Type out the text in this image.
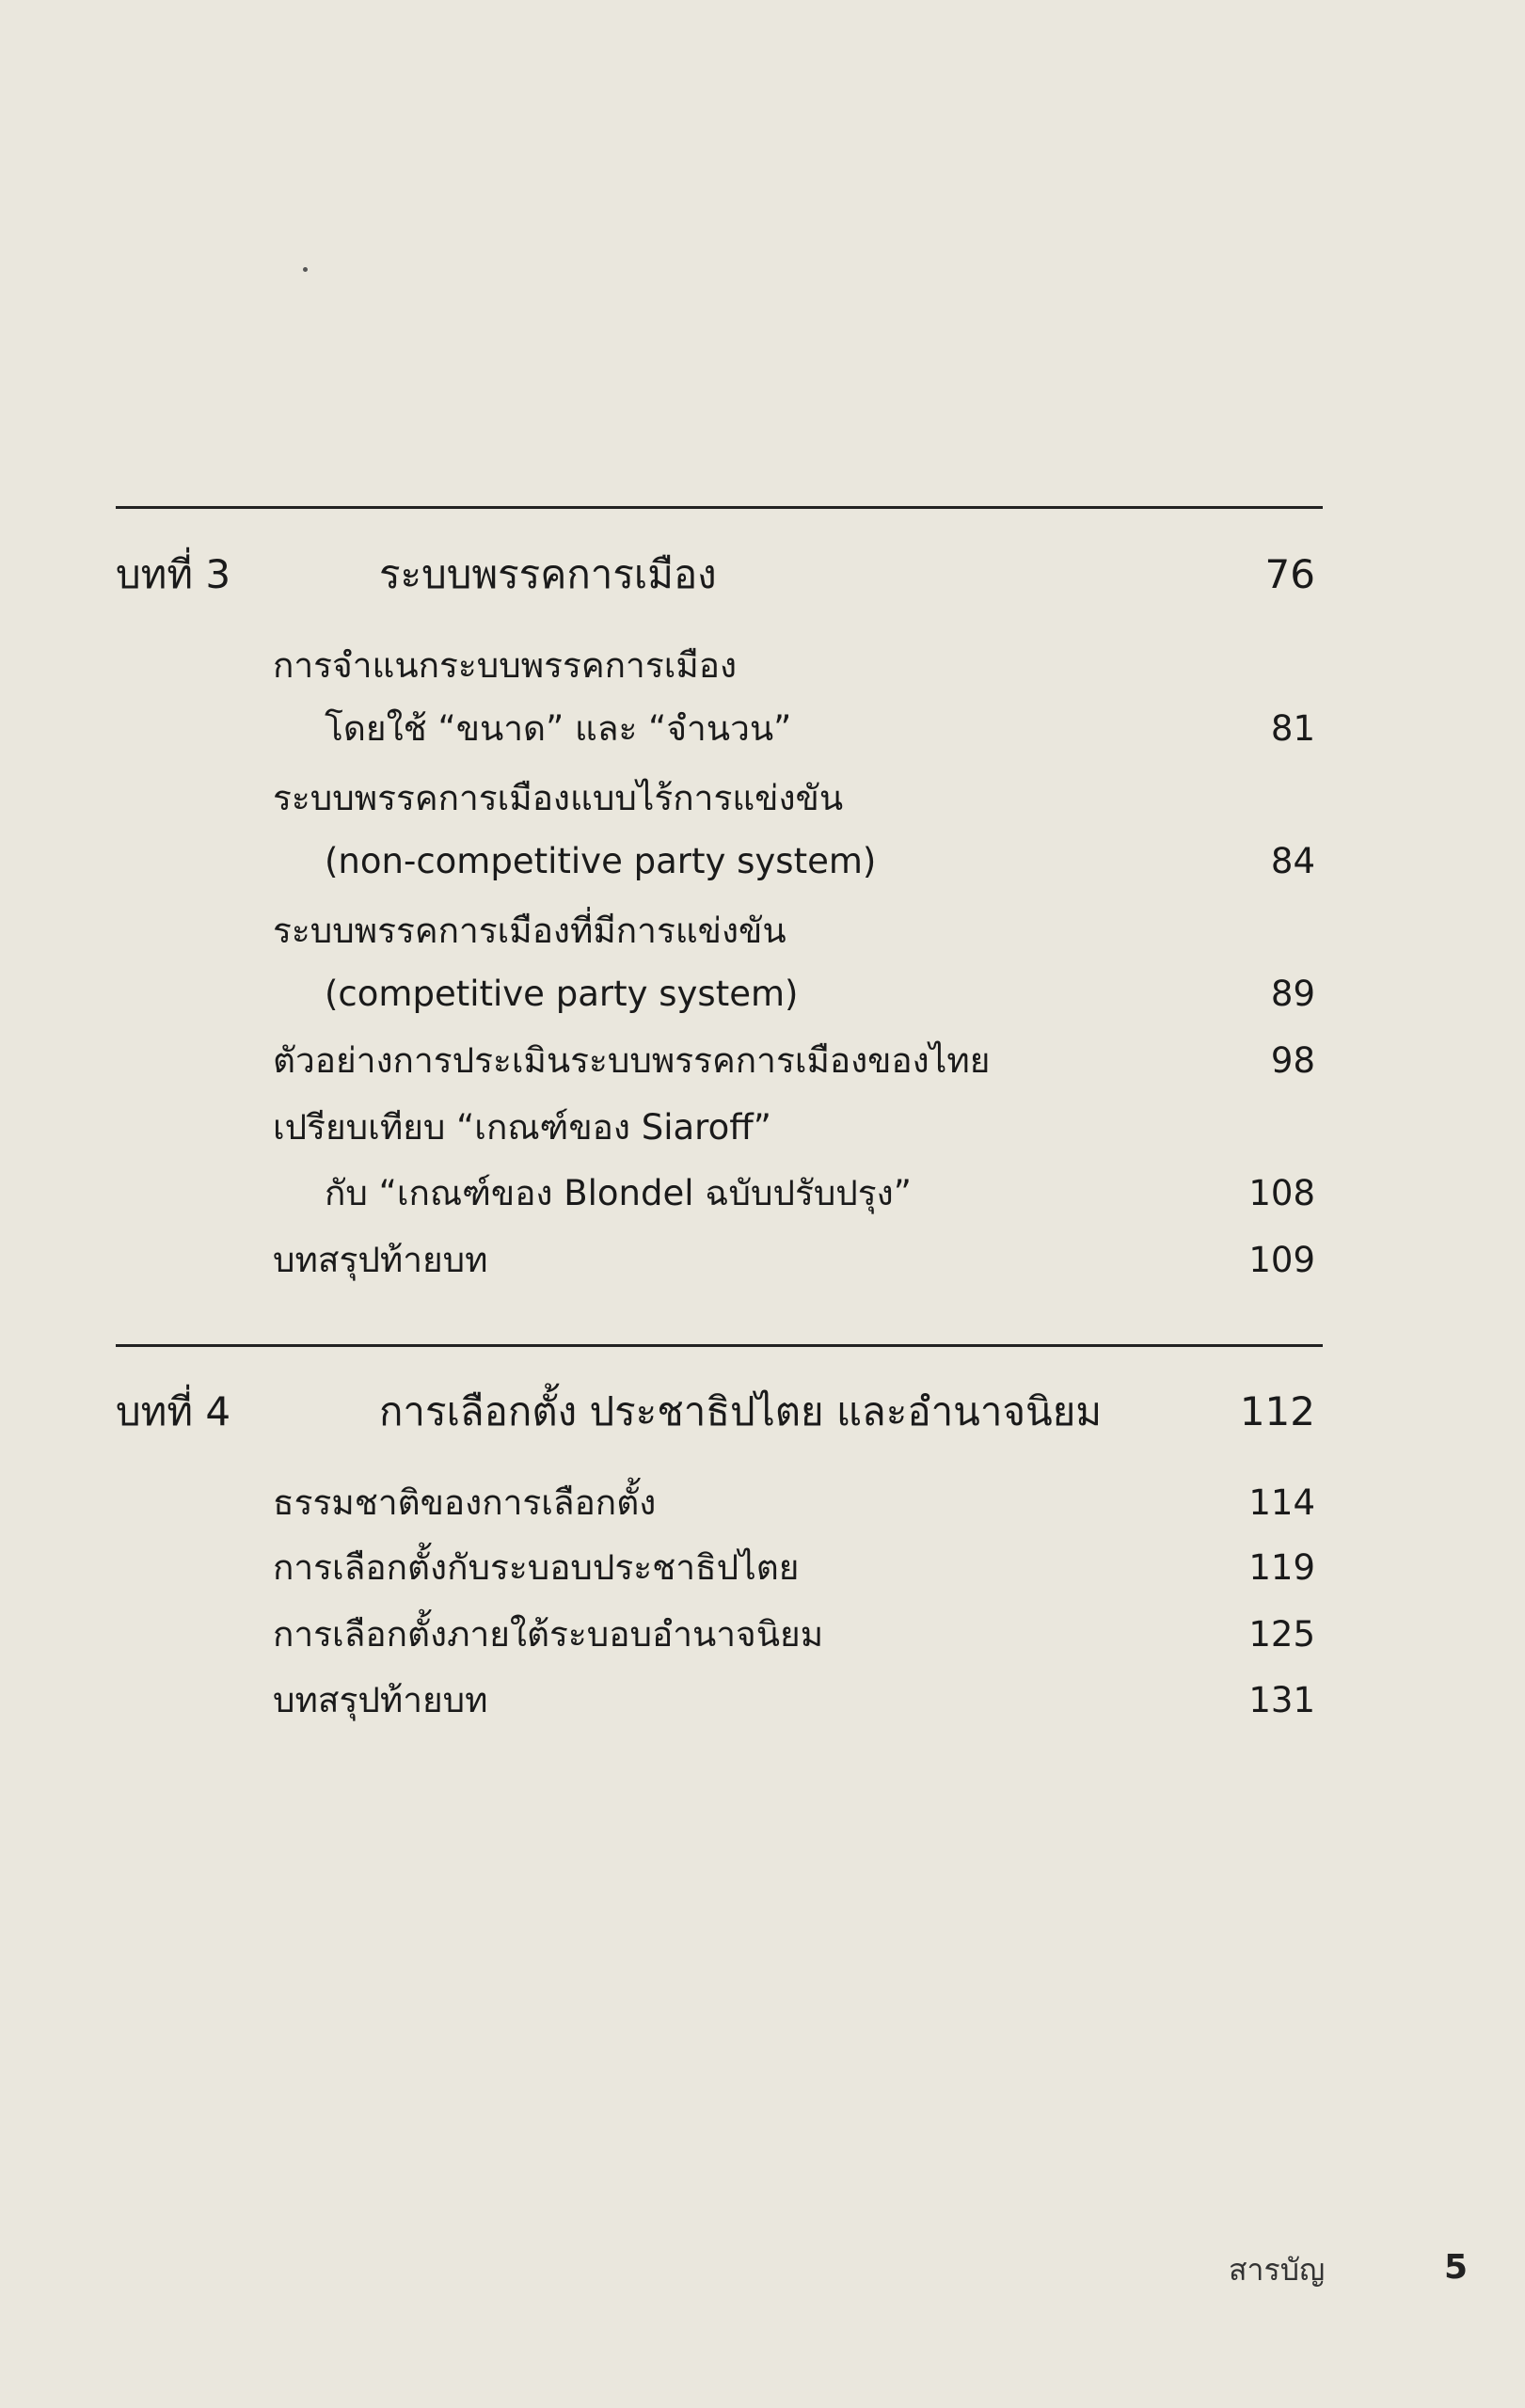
บทที่ 3	ระบบพรรคการเมือง	76
การจำแนกระบบพรรคการเมือง
โดยใช้ “ขนาด” และ “จำนวน”	81
ระบบพรรคการเมืองแบบไร้การแข่งขัน
(non-competitive party system)	84
ระบบพรรคการเมืองที่มีการแข่งขัน
(competitive party system)	89
ตัวอย่างการประเมินระบบพรรคการเมืองของไทย	98
เปรียบเทียบ “เกณฑ์ของ Siaroff”
กับ “เกณฑ์ของ Blondel ฉบับปรับปรุง”	108
บทสรุปท้ายบท	109
บทที่ 4	การเลือกตั้ง ประชาธิปไตย และอำนาจนิยม	112
ธรรมชาติของการเลือกตั้ง	114
การเลือกตั้งกับระบอบประชาธิปไตย	119
การเลือกตั้งภายใต้ระบอบอำนาจนิยม	125
บทสรุปท้ายบท	131
สารบัญ	5
